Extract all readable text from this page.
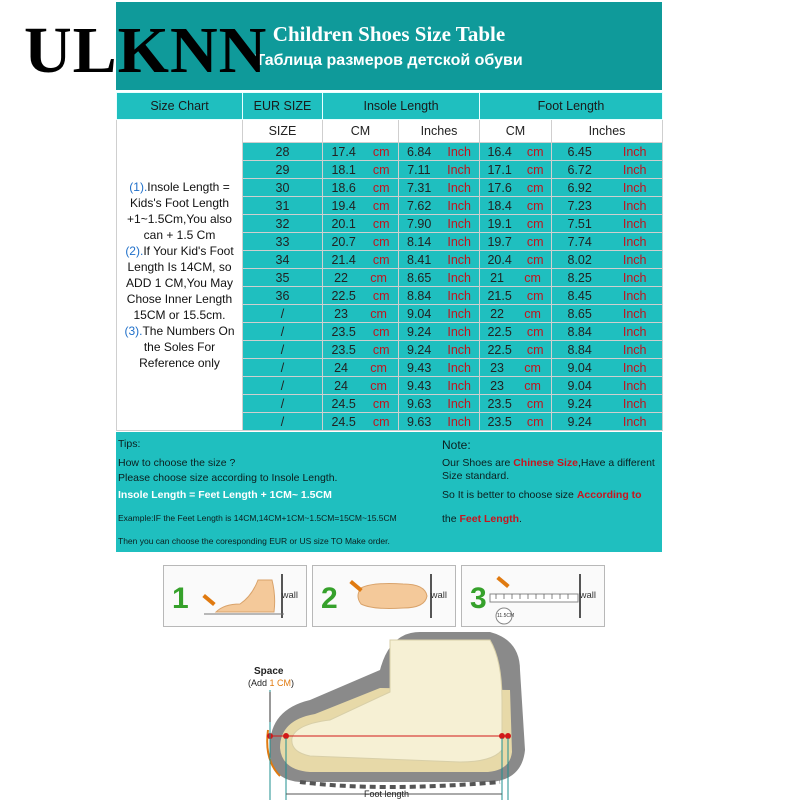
ULKNN Children Shoes Size Table
Таблица размеров детской обуви
Size Chart	EUR SIZE	Insole Length		Foot Length	
(1).Insole Length = Kids's Foot Length +1~1.5Cm,You also can + 1.5 Cm
(2).If Your Kid's Foot Length Is 14CM, so ADD 1 CM,You May Chose Inner Length 15CM or 15.5cm.
(3).The Numbers On the Soles For Reference only	SIZE	CM	Inches	CM	Inches
	28	17.4 cm	6.84 Inch	16.4 cm	6.45 Inch

	29	18.1 cm	7.11 Inch	17.1 cm	6.72 Inch

	30	18.6 cm	7.31 Inch	17.6 cm	6.92 Inch

	31	19.4 cm	7.62 Inch	18.4 cm	7.23 Inch

	32	20.1 cm	7.90 Inch	19.1 cm	7.51 Inch

	33	20.7 cm	8.14 Inch	19.7 cm	7.74 Inch

	34	21.4 cm	8.41 Inch	20.4 cm	8.02 Inch

	35	22 cm	8.65 Inch	21 cm	8.25 Inch

	36	22.5 cm	8.84 Inch	21.5 cm	8.45 Inch

	/	23 cm	9.04 Inch	22 cm	8.65 Inch

	/	23.5 cm	9.24 Inch	22.5 cm	8.84 Inch

	/	23.5 cm	9.24 Inch	22.5 cm	8.84 Inch

	/	24 cm	9.43 Inch	23 cm	9.04 Inch

	/	24 cm	9.43 Inch	23 cm	9.04 Inch

	/	24.5 cm	9.63 Inch	23.5 cm	9.24 Inch

	/	24.5 cm	9.63 Inch	23.5 cm	9.24 Inch
Tips:
How to choose the size ?
Please choose size according to Insole Length.
Insole Length = Feet Length + 1CM~ 1.5CM
Example:IF the Feet Length is 14CM,14CM+1CM~1.5CM=15CM~15.5CM
Then you can choose the coresponding EUR or US size TO Make order.
Note:
Our Shoes are Chinese Size,Have a different
Size standard.
So It is better to choose size According to
the Feet Length.
1	wall 2	wall 3
11.5CM
wall
Space
(Add 1 CM)
Foot length
